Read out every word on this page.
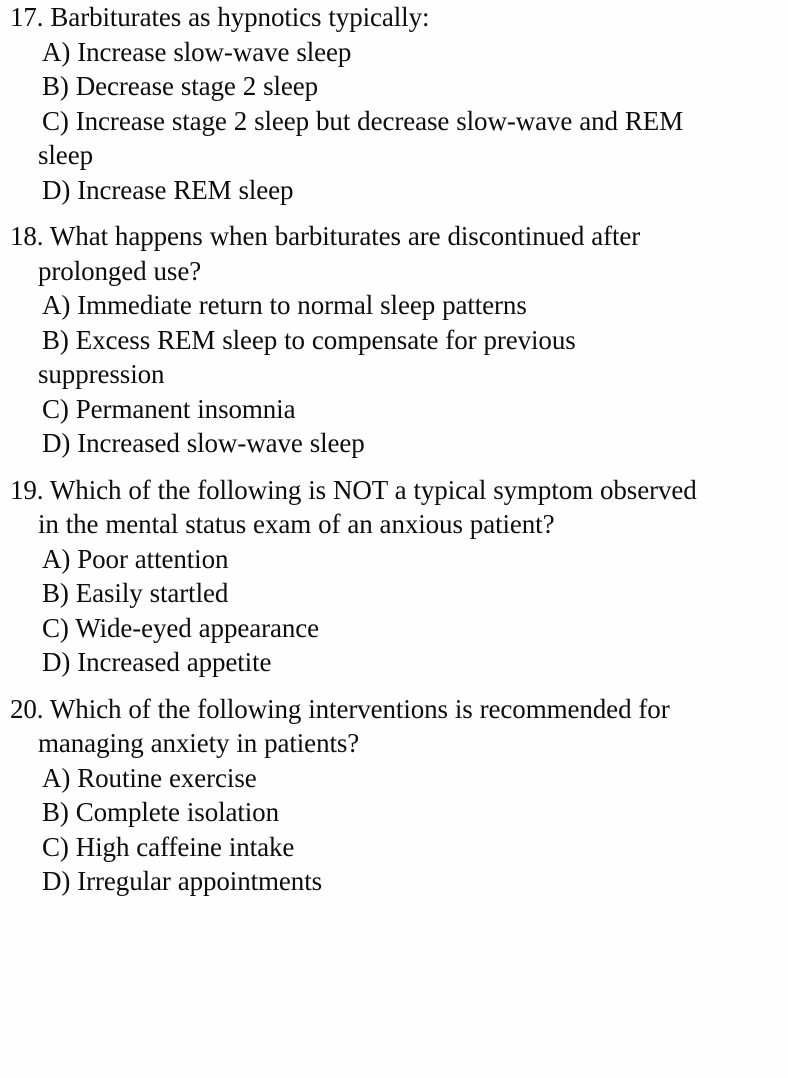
17. Barbiturates as hypnotics typically:

A) Increase slow-wave sleep
B) Decrease stage 2 sleep
C) Increase stage 2 sleep but decrease slow-wave and REM sleep
D) Increase REM sleep

18. What happens when barbiturates are discontinued after prolonged use?

A) Immediate return to normal sleep patterns
B) Excess REM sleep to compensate for previous suppression
C) Permanent insomnia
D) Increased slow-wave sleep

19. Which of the following is NOT a typical symptom observed in the mental status exam of an anxious patient?

A) Poor attention
B) Easily startled
C) Wide-eyed appearance
D) Increased appetite

20. Which of the following interventions is recommended for managing anxiety in patients?

A) Routine exercise
B) Complete isolation
C) High caffeine intake
D) Irregular appointments
